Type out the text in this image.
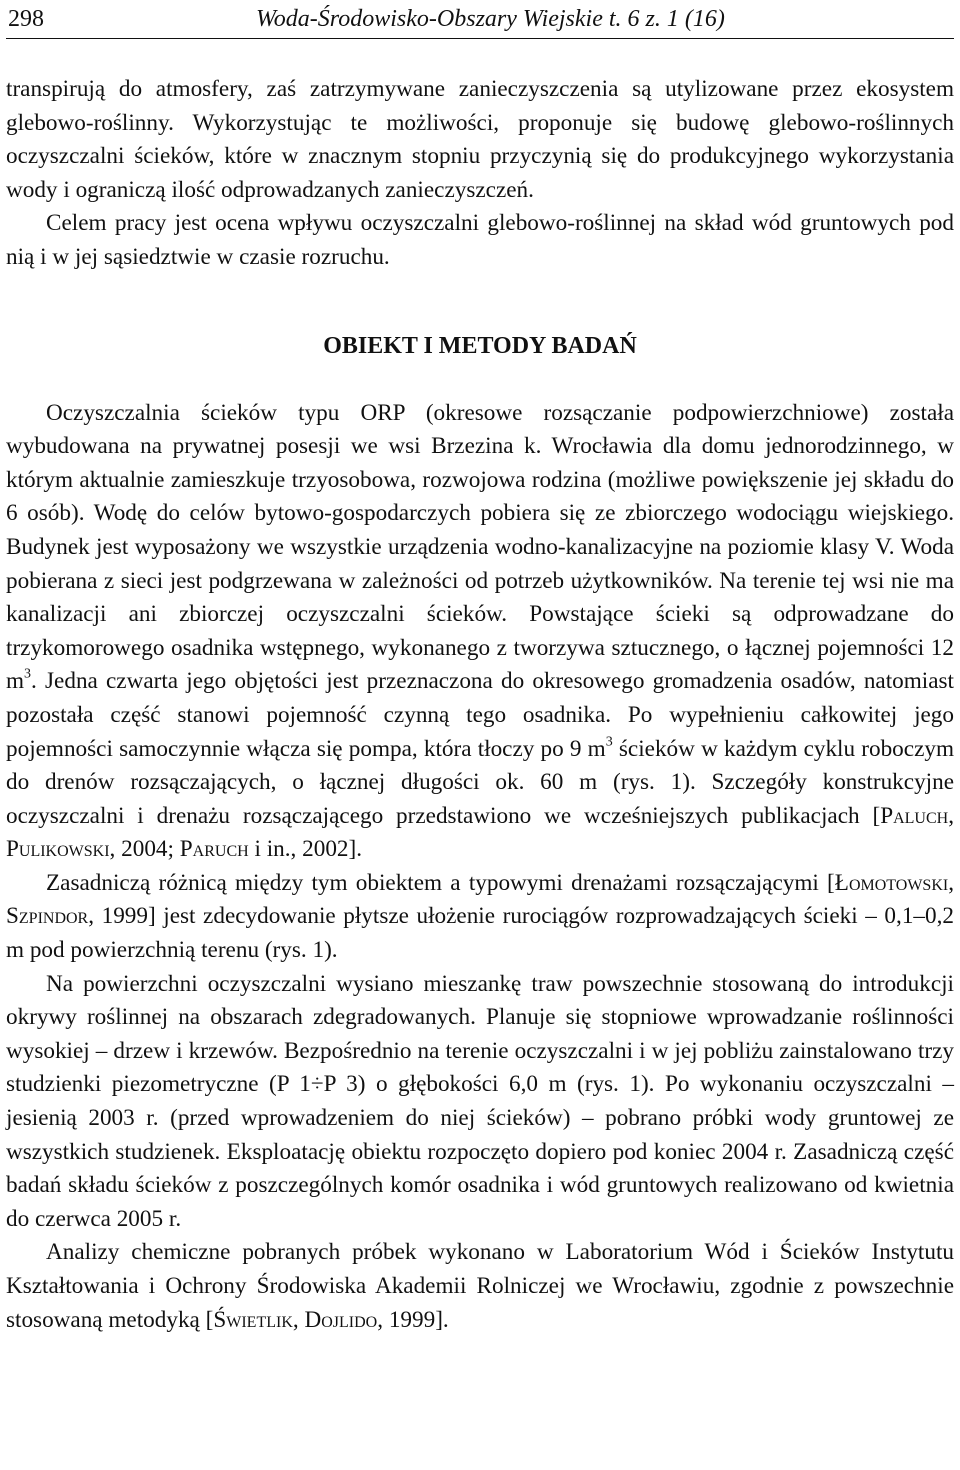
298	Woda-Środowisko-Obszary Wiejskie t. 6 z. 1 (16)

transpirują do atmosfery, zaś zatrzymywane zanieczyszczenia są utylizowane przez ekosystem glebowo-roślinny. Wykorzystując te możliwości, proponuje się budowę glebowo-roślinnych oczyszczalni ścieków, które w znacznym stopniu przyczynią się do produkcyjnego wykorzystania wody i ograniczą ilość odprowadzanych zanieczyszczeń.

Celem pracy jest ocena wpływu oczyszczalni glebowo-roślinnej na skład wód gruntowych pod nią i w jej sąsiedztwie w czasie rozruchu.

OBIEKT I METODY BADAŃ

Oczyszczalnia ścieków typu ORP (okresowe rozsączanie podpowierzchniowe) została wybudowana na prywatnej posesji we wsi Brzezina k. Wrocławia dla domu jednorodzinnego, w którym aktualnie zamieszkuje trzyosobowa, rozwojowa rodzina (możliwe powiększenie jej składu do 6 osób). Wodę do celów bytowo-gospodarczych pobiera się ze zbiorczego wodociągu wiejskiego. Budynek jest wyposażony we wszystkie urządzenia wodno-kanalizacyjne na poziomie klasy V. Woda pobierana z sieci jest podgrzewana w zależności od potrzeb użytkowników. Na terenie tej wsi nie ma kanalizacji ani zbiorczej oczyszczalni ścieków. Powstające ścieki są odprowadzane do trzykomorowego osadnika wstępnego, wykonanego z tworzywa sztucznego, o łącznej pojemności 12 $m^3$. Jedna czwarta jego objętości jest przeznaczona do okresowego gromadzenia osadów, natomiast pozostała część stanowi pojemność czynną tego osadnika. Po wypełnieniu całkowitej jego pojemności samoczynnie włącza się pompa, która tłoczy po 9 $m^3$ ścieków w każdym cyklu roboczym do drenów rozsączających, o łącznej długości ok. 60 m (rys. 1). Szczegóły konstrukcyjne oczyszczalni i drenażu rozsączającego przedstawiono we wcześniejszych publikacjach [Paluch, Pulikowski, 2004; Paruch i in., 2002].

Zasadniczą różnicą między tym obiektem a typowymi drenażami rozsączającymi [Łomotowski, Szpindor, 1999] jest zdecydowanie płytsze ułożenie rurociągów rozprowadzających ścieki – 0,1–0,2 m pod powierzchnią terenu (rys. 1).

Na powierzchni oczyszczalni wysiano mieszankę traw powszechnie stosowaną do introdukcji okrywy roślinnej na obszarach zdegradowanych. Planuje się stopniowe wprowadzanie roślinności wysokiej – drzew i krzewów. Bezpośrednio na terenie oczyszczalni i w jej pobliżu zainstalowano trzy studzienki piezometryczne (P 1÷P 3) o głębokości 6,0 m (rys. 1). Po wykonaniu oczyszczalni – jesienią 2003 r. (przed wprowadzeniem do niej ścieków) – pobrano próbki wody gruntowej ze wszystkich studzienek. Eksploatację obiektu rozpoczęto dopiero pod koniec 2004 r. Zasadniczą część badań składu ścieków z poszczególnych komór osadnika i wód gruntowych realizowano od kwietnia do czerwca 2005 r.

Analizy chemiczne pobranych próbek wykonano w Laboratorium Wód i Ścieków Instytutu Kształtowania i Ochrony Środowiska Akademii Rolniczej we Wrocławiu, zgodnie z powszechnie stosowaną metodyką [Świetlik, Dojlido, 1999].
